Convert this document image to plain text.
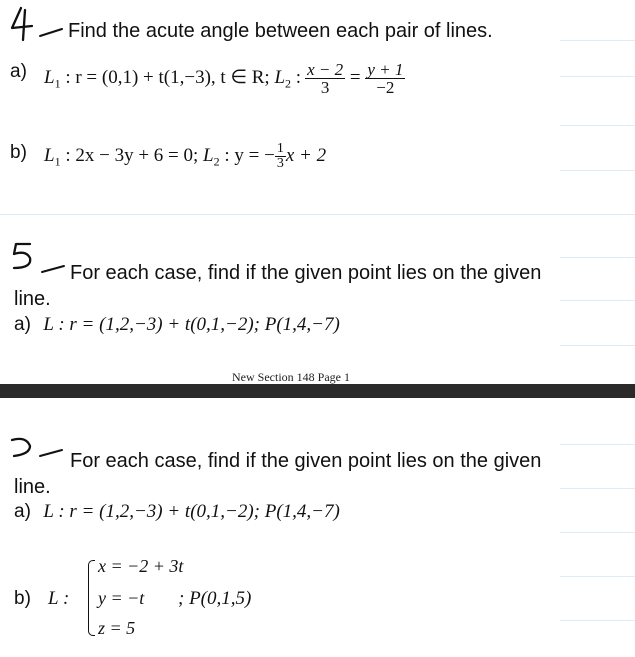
Find the acute angle between each pair of lines.
a) $L_1$ : r = (0,1) + t(1,−3), t ∈ R; $L_2$ : $\frac{x - 2}{3} = \frac{y + 1}{-2}$
b) $L_1$ : 2x − 3y + 6 = 0; $L_2$ : y = − $\frac{1}{3}$ x + 2
For each case, find if the given point lies on the given
line.
a) L : r = (1,2,−3) + t(0,1,−2); P(1,4,−7)
New Section 148 Page 1
For each case, find if the given point lies on the given
line.
a) L : r = (1,2,−3) + t(0,1,−2); P(1,4,−7)
b) L :
x = −2 + 3t
y = −t
z = 5
; P(0,1,5)
